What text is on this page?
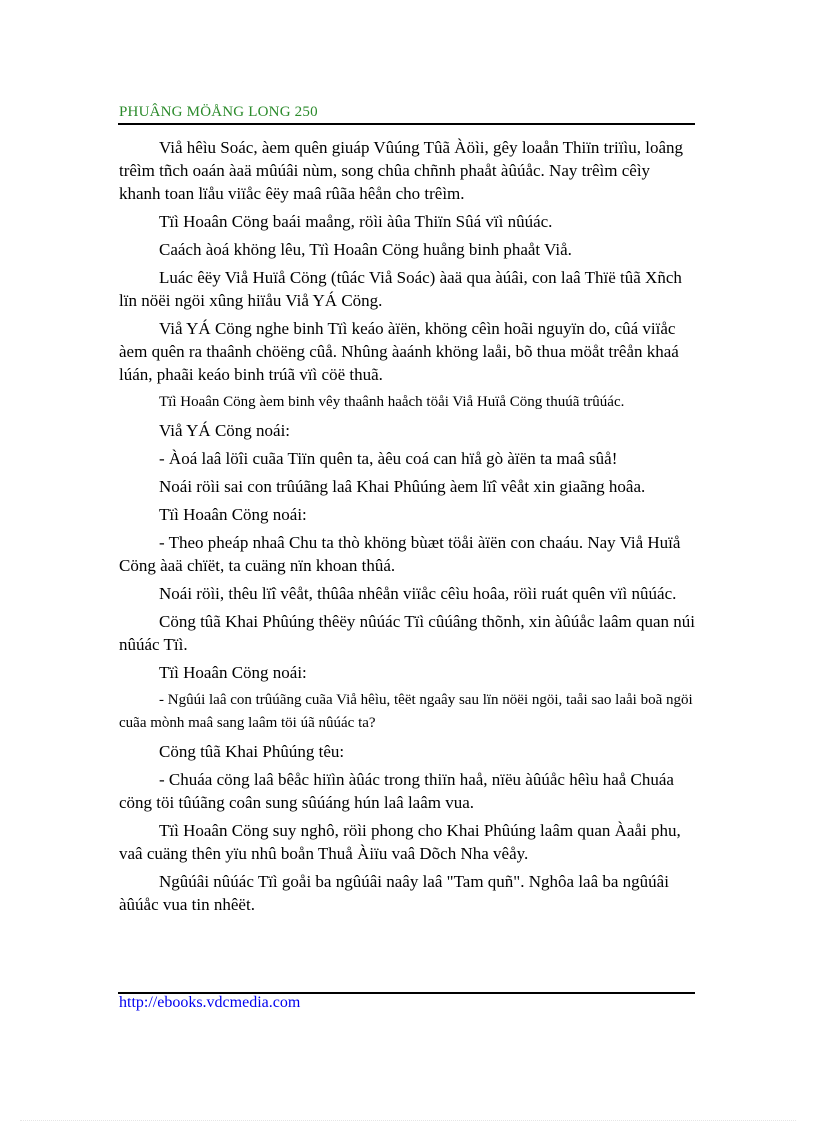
PHUÂNG MÖÅNG LONG 250

Viå hêìu Soác, àem quên giuáp Vûúng Tûã Àöìi, gêy loaån Thiïn triïìu, loâng trêìm tñch oaán àaä mûúâi nùm, song chûa chñnh phaåt àûúåc. Nay trêìm cêìy khanh toan lïåu viïåc êëy maâ rûãa hêån cho trêìm.

Tïì Hoaân Cöng baái maång, röìi àûa Thiïn Sûá vïì nûúác.

Caách àoá khöng lêu, Tïì Hoaân Cöng huång binh phaåt Viå.

Luác êëy Viå Huïå Cöng (tûác Viå Soác) àaä qua àúâi, con laâ Thïë tûã Xñch lïn nöëi ngöi xûng hiïåu Viå YÁ Cöng.

Viå YÁ Cöng nghe binh Tïì keáo àïën, khöng cêìn hoãi nguyïn do, cûá viïåc àem quên ra thaânh chöëng cûå. Nhûng àaánh khöng laåi, bõ thua möåt trêån khaá lúán, phaãi keáo binh trúã vïì cöë thuã.

Tïì Hoaân Cöng àem binh vêy thaânh haåch töåi Viå Huïå Cöng thuúã trûúác.

Viå YÁ Cöng noái:

- Àoá laâ löîi cuãa Tiïn quên ta, àêu coá can hïå gò àïën ta maâ sûå!

Noái röìi sai con trûúãng laâ Khai Phûúng àem lïî vêåt xin giaãng hoâa.

Tïì Hoaân Cöng noái:

- Theo pheáp nhaâ Chu ta thò khöng bùæt töåi àïën con chaáu. Nay Viå Huïå Cöng àaä chïët, ta cuäng nïn khoan thûá.

Noái röìi, thêu lïî vêåt, thûâa nhêån viïåc cêìu hoâa, röìi ruát quên vïì nûúác.

Cöng tûã Khai Phûúng thêëy nûúác Tïì cûúâng thõnh, xin àûúåc laâm quan núi nûúác Tïì.

Tïì Hoaân Cöng noái:

- Ngûúi laâ con trûúãng cuãa Viå hêìu, têët ngaây sau lïn nöëi ngöi, taåi sao laåi boã ngöi cuãa mònh maâ sang laâm töi úã nûúác ta?

Cöng tûã Khai Phûúng têu:

- Chuáa cöng laâ bêåc hiïìn àûác trong thiïn haå, nïëu àûúåc hêìu haå Chuáa cöng töi tûúãng coân sung sûúáng hún laâ laâm vua.

Tïì Hoaân Cöng suy nghô, röìi phong cho Khai Phûúng laâm quan Àaåi phu, vaâ cuäng thên yïu nhû boån Thuå Àiïu vaâ Dõch Nha vêåy.

Ngûúâi nûúác Tïì goåi ba ngûúâi naây laâ "Tam quñ". Nghôa laâ ba ngûúâi àûúåc vua tin nhêët.

http://ebooks.vdcmedia.com
